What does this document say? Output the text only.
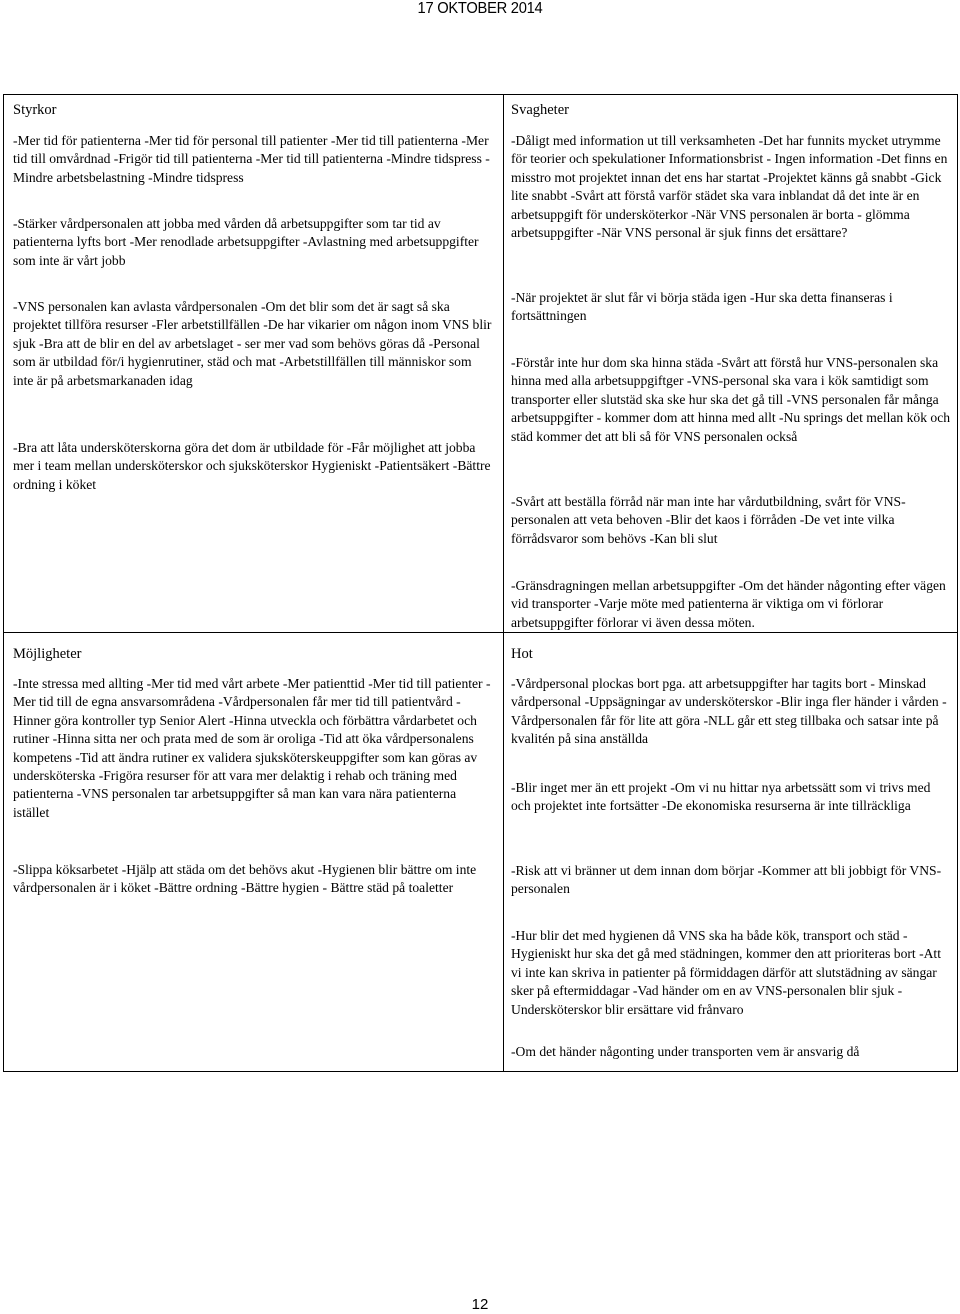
17 OKTOBER 2014
Styrkor
-Mer tid för patienterna -Mer tid för personal till patienter -Mer tid till patienterna -Mer tid till omvårdnad -Frigör tid till patienterna -Mer tid till patienterna -Mindre tidspress -Mindre arbetsbelastning -Mindre tidspress
-Stärker vårdpersonalen att jobba med vården då arbetsuppgifter som tar tid av patienterna lyfts bort -Mer renodlade arbetsuppgifter -Avlastning med arbetsuppgifter som inte är vårt jobb
-VNS personalen kan avlasta vårdpersonalen -Om det blir som det är sagt så ska projektet tillföra resurser -Fler arbetstillfällen -De har vikarier om någon inom VNS blir sjuk -Bra att de blir en del av arbetslaget - ser mer vad som behövs göras då -Personal som är utbildad för/i hygienrutiner, städ och mat -Arbetstillfällen till människor som inte är på arbetsmarkanaden idag
-Bra att låta undersköterskorna göra det dom är utbildade för -Får möjlighet att jobba mer i team mellan undersköterskor och sjuksköterskor Hygieniskt -Patientsäkert -Bättre ordning i köket
Svagheter
-Dåligt med information ut till verksamheten -Det har funnits mycket utrymme för teorier och spekulationer Informationsbrist - Ingen information -Det finns en misstro mot projektet innan det ens har startat -Projektet känns gå snabbt -Gick lite snabbt -Svårt att förstå varför städet ska vara inblandat då det inte är en arbetsuppgift för undersköterkor -När VNS personalen är borta - glömma arbetsuppgifter -När VNS personal är sjuk finns det ersättare?
-När projektet är slut får vi börja städa igen -Hur ska detta finanseras i fortsättningen
-Förstår inte hur dom ska hinna städa -Svårt att förstå hur VNS-personalen ska hinna med alla arbetsuppgiftger -VNS-personal ska vara i kök samtidigt som transporter eller slutstäd ska ske hur ska det gå till -VNS personalen får många arbetsuppgifter - kommer dom att hinna med allt -Nu springs det mellan kök och städ kommer det att bli så för VNS personalen också
-Svårt att beställa förråd när man inte har vårdutbildning, svårt för VNS-personalen att veta behoven -Blir det kaos i förråden -De vet inte vilka förrådsvaror som behövs -Kan bli slut
-Gränsdragningen mellan arbetsuppgifter -Om det händer någonting efter vägen vid transporter -Varje möte med patienterna är viktiga om vi förlorar arbetsuppgifter förlorar vi även dessa möten.
Möjligheter
-Inte stressa med allting -Mer tid med vårt arbete -Mer patienttid -Mer tid till patienter -Mer tid till de egna ansvarsområdena -Vårdpersonalen får mer tid till patientvård -Hinner göra kontroller typ Senior Alert -Hinna utveckla och förbättra vårdarbetet och rutiner -Hinna sitta ner och prata med de som är oroliga -Tid att öka vårdpersonalens kompetens -Tid att ändra rutiner ex validera sjuksköterskeuppgifter som kan göras av undersköterska -Frigöra resurser för att vara mer delaktig i rehab och träning med patienterna -VNS personalen tar arbetsuppgifter så man kan vara nära patienterna istället
-Slippa köksarbetet -Hjälp att städa om det behövs akut -Hygienen blir bättre om inte vårdpersonalen är i köket -Bättre ordning -Bättre hygien - Bättre städ på toaletter
Hot
-Vårdpersonal plockas bort pga. att arbetsuppgifter har tagits bort - Minskad vårdpersonal -Uppsägningar av undersköterskor -Blir inga fler händer i vården -Vårdpersonalen får för lite att göra -NLL går ett steg tillbaka och satsar inte på kvalitén på sina anställda
-Blir inget mer än ett projekt -Om vi nu hittar nya arbetssätt som vi trivs med och projektet inte fortsätter -De ekonomiska resurserna är inte tillräckliga
-Risk att vi bränner ut dem innan dom börjar -Kommer att bli jobbigt för VNS-personalen
-Hur blir det med hygienen då VNS ska ha både kök, transport och städ -Hygieniskt hur ska det gå med städningen, kommer den att prioriteras bort -Att vi inte kan skriva in patienter på förmiddagen därför att slutstädning av sängar sker på eftermiddagar -Vad händer om en av VNS-personalen blir sjuk -Undersköterskor blir ersättare vid frånvaro
-Om det händer någonting under transporten vem är ansvarig då
12
